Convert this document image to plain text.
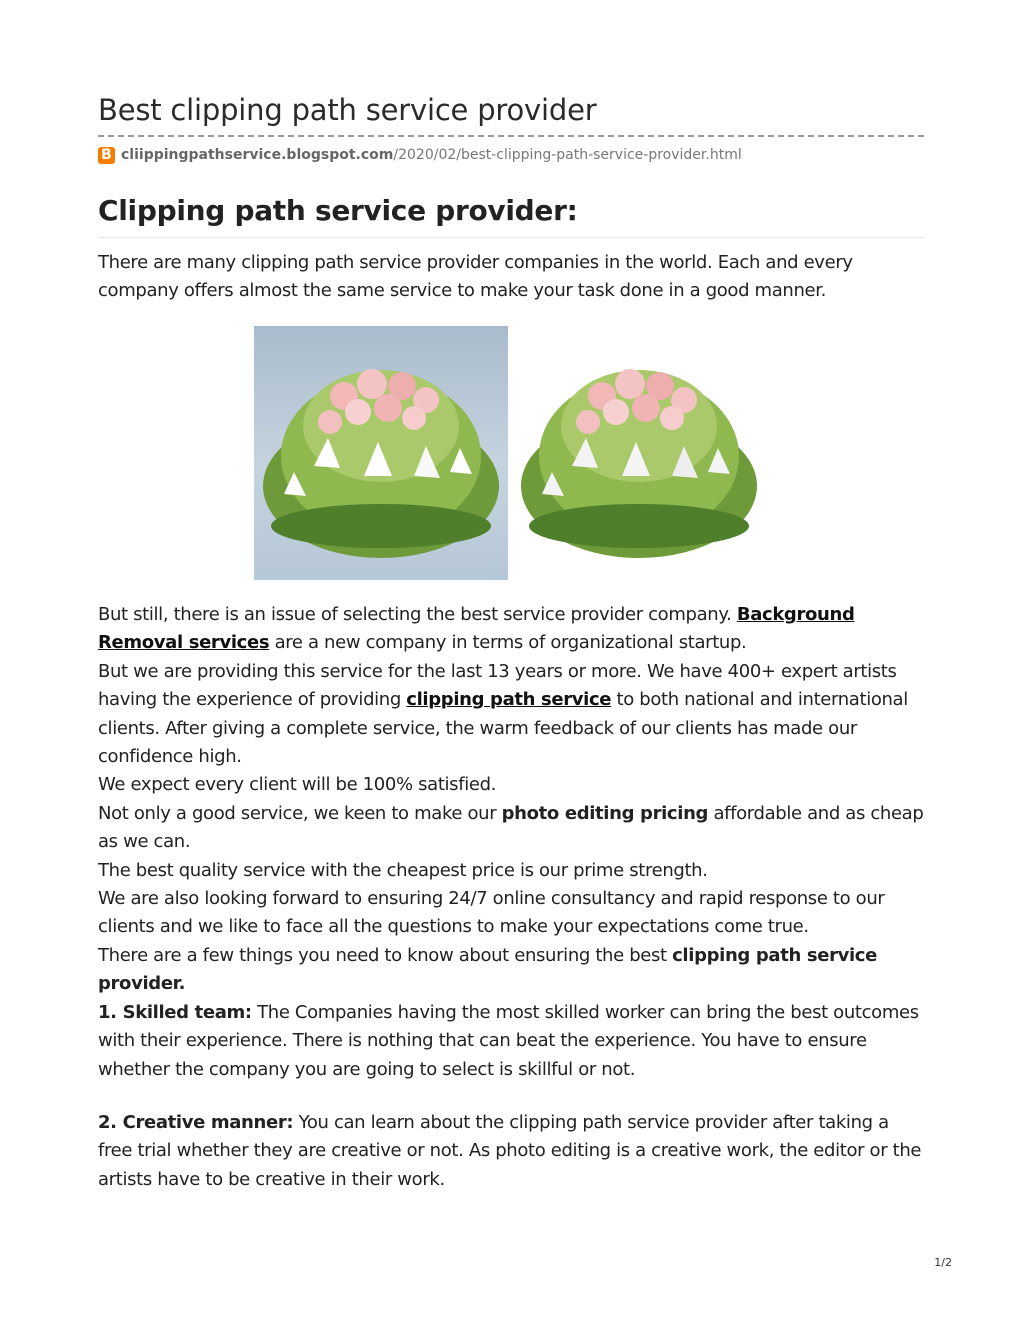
Best clipping path service provider
B cliippingpathservice.blogspot.com /2020/02/best-clipping-path-service-provider.html
Clipping path service provider:

There are many clipping path service provider companies in the world. Each and every company offers almost the same service to make your task done in a good manner.

But still, there is an issue of selecting the best service provider company. Background Removal services are a new company in terms of organizational startup.
But we are providing this service for the last 13 years or more. We have 400+ expert artists having the experience of providing clipping path service to both national and international clients. After giving a complete service, the warm feedback of our clients has made our confidence high.
We expect every client will be 100% satisfied.
Not only a good service, we keen to make our photo editing pricing affordable and as cheap as we can.
The best quality service with the cheapest price is our prime strength.
We are also looking forward to ensuring 24/7 online consultancy and rapid response to our clients and we like to face all the questions to make your expectations come true.
There are a few things you need to know about ensuring the best clipping path service provider.
1. Skilled team: The Companies having the most skilled worker can bring the best outcomes with their experience. There is nothing that can beat the experience. You have to ensure whether the company you are going to select is skillful or not.
2. Creative manner: You can learn about the clipping path service provider after taking a free trial whether they are creative or not. As photo editing is a creative work, the editor or the artists have to be creative in their work.
1/2
